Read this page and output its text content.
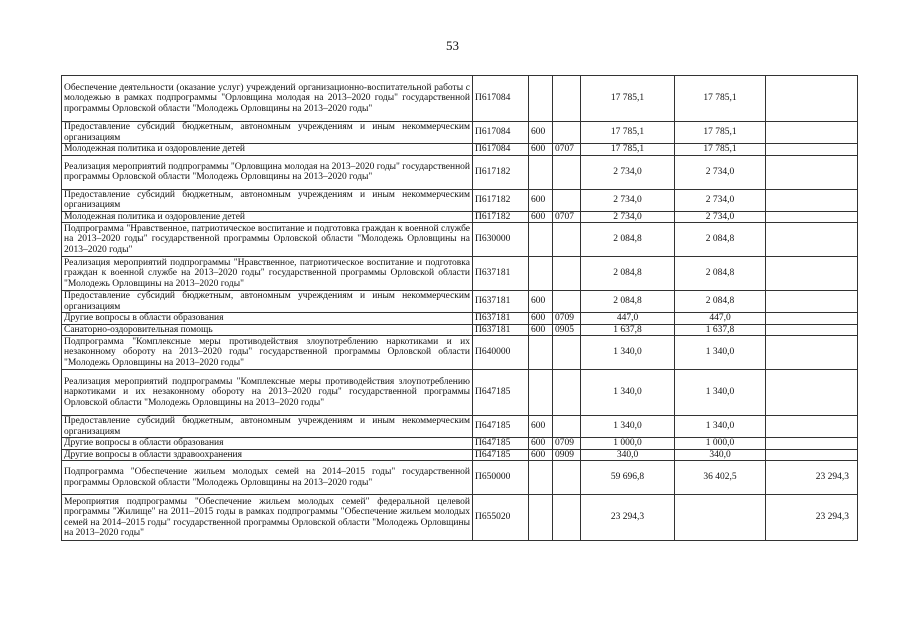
53
Обеспечение деятельности (оказание услуг) учреждений организационно-воспитательной работы с молодежью в рамках подпрограммы "Орловщина молодая на 2013–2020 годы" государственной программы Орловской области "Молодежь Орловщины на 2013–2020 годы"	П617084			17 785,1	17 785,1	
Предоставление субсидий бюджетным, автономным учреждениям и иным некоммерческим организациям	П617084	600		17 785,1	17 785,1	
Молодежная политика и оздоровление детей	П617084	600	0707	17 785,1	17 785,1	
Реализация мероприятий подпрограммы "Орловщина молодая на 2013–2020 годы" государственной программы Орловской области "Молодежь Орловщины на 2013–2020 годы"	П617182			2 734,0	2 734,0	
Предоставление субсидий бюджетным, автономным учреждениям и иным некоммерческим организациям	П617182	600		2 734,0	2 734,0	
Молодежная политика и оздоровление детей	П617182	600	0707	2 734,0	2 734,0	
Подпрограмма "Нравственное, патриотическое воспитание и подготовка граждан к военной службе на 2013–2020 годы" государственной программы Орловской области "Молодежь Орловщины на 2013–2020 годы"	П630000			2 084,8	2 084,8	
Реализация мероприятий подпрограммы "Нравственное, патриотическое воспитание и подготовка граждан к военной службе на 2013–2020 годы" государственной программы Орловской области "Молодежь Орловщины на 2013–2020 годы"	П637181			2 084,8	2 084,8	
Предоставление субсидий бюджетным, автономным учреждениям и иным некоммерческим организациям	П637181	600		2 084,8	2 084,8	
Другие вопросы в области образования	П637181	600	0709	447,0	447,0	
Санаторно-оздоровительная помощь	П637181	600	0905	1 637,8	1 637,8	
Подпрограмма "Комплексные меры противодействия злоупотреблению наркотиками и их незаконному обороту на 2013–2020 годы" государственной программы Орловской области "Молодежь Орловщины на 2013–2020 годы"	П640000			1 340,0	1 340,0	
Реализация мероприятий подпрограммы "Комплексные меры противодействия злоупотреблению наркотиками и их незаконному обороту на 2013–2020 годы" государственной программы Орловской области "Молодежь Орловщины на 2013–2020 годы"	П647185			1 340,0	1 340,0	
Предоставление субсидий бюджетным, автономным учреждениям и иным некоммерческим организациям	П647185	600		1 340,0	1 340,0	
Другие вопросы в области образования	П647185	600	0709	1 000,0	1 000,0	
Другие вопросы в области здравоохранения	П647185	600	0909	340,0	340,0	
Подпрограмма "Обеспечение жильем молодых семей на 2014–2015 годы" государственной программы Орловской области "Молодежь Орловщины на 2013–2020 годы"	П650000			59 696,8	36 402,5	23 294,3
Мероприятия подпрограммы "Обеспечение жильем молодых семей" федеральной целевой программы "Жилище" на 2011–2015 годы в рамках подпрограммы "Обеспечение жильем молодых семей на 2014–2015 годы" государственной программы Орловской области "Молодежь Орловщины на 2013–2020 годы"	П655020			23 294,3		23 294,3
